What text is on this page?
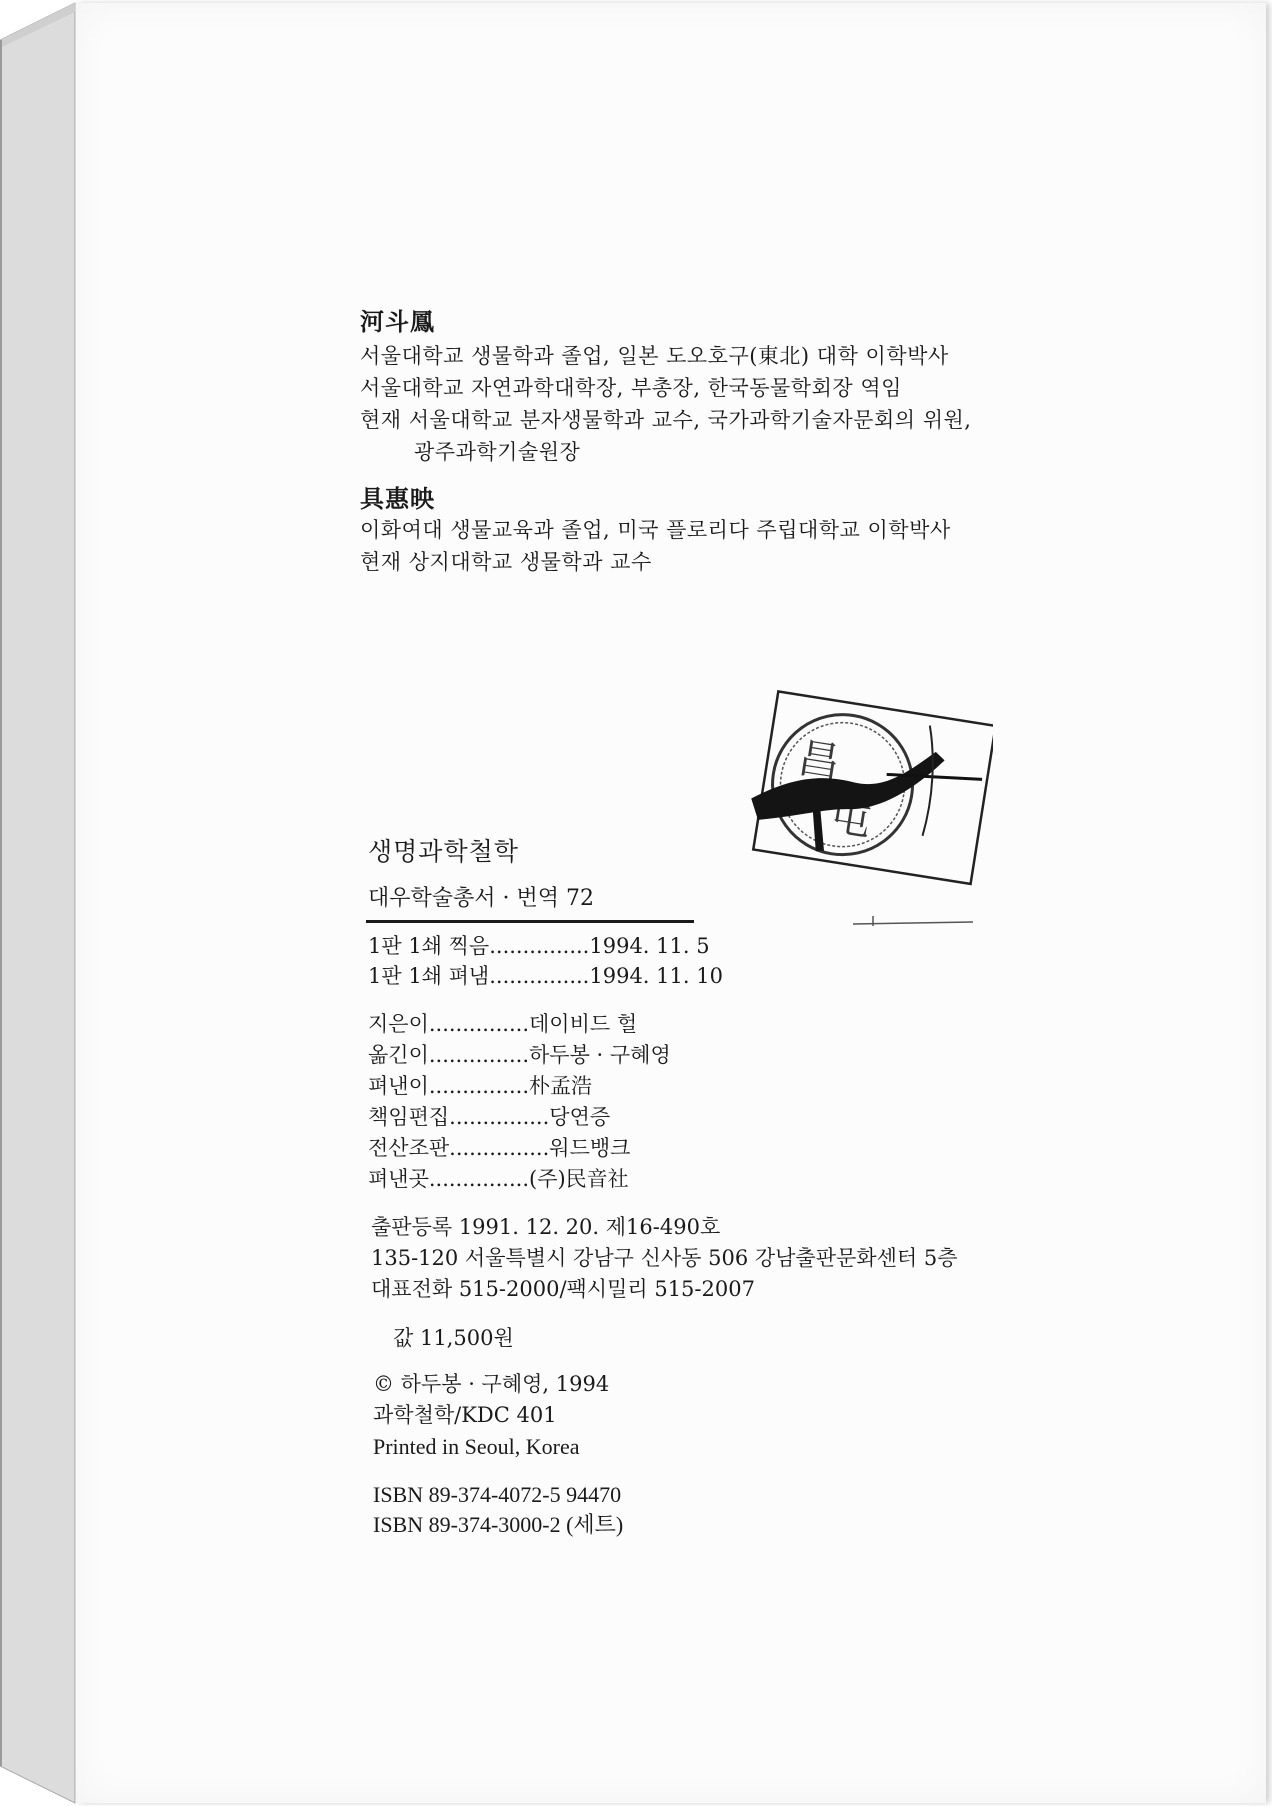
河斗鳳
서울대학교 생물학과 졸업, 일본 도오호구(東北) 대학 이학박사
서울대학교 자연과학대학장, 부총장, 한국동물학회장 역임
현재 서울대학교 분자생물학과 교수, 국가과학기술자문회의 위원,
광주과학기술원장
具惠映
이화여대 생물교육과 졸업, 미국 플로리다 주립대학교 이학박사
현재 상지대학교 생물학과 교수
昌
屯
생명과학철학
대우학술총서 · 번역 72
1판 1쇄 찍음...............1994. 11. 5
1판 1쇄 펴냄...............1994. 11. 10
지은이...............데이비드 헐
옮긴이...............하두봉 · 구혜영
펴낸이...............朴孟浩
책임편집...............당연증
전산조판...............워드뱅크
펴낸곳...............(주)民音社
출판등록 1991. 12. 20. 제16-490호
135-120 서울특별시 강남구 신사동 506 강남출판문화센터 5층
대표전화 515-2000/팩시밀리 515-2007
값 11,500원
© 하두봉 · 구혜영, 1994
과학철학/KDC 401
Printed in Seoul, Korea
ISBN 89-374-4072-5 94470
ISBN 89-374-3000-2 (세트)
